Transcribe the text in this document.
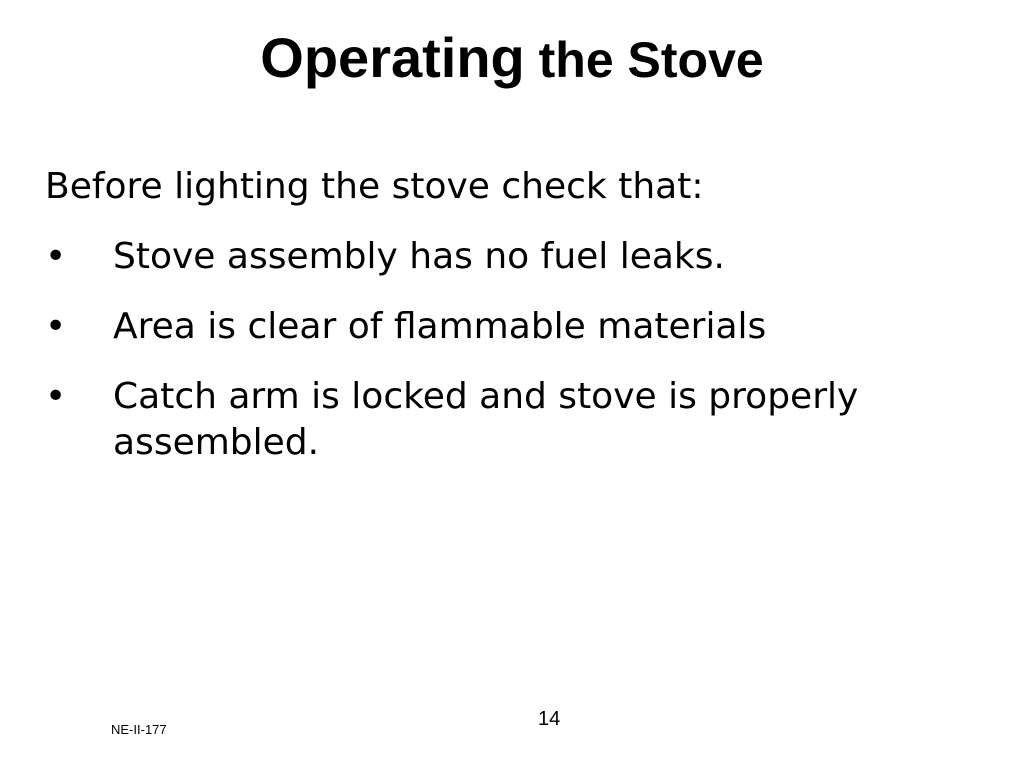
Operating the Stove
Before lighting the stove check that:
•	Stove assembly has no fuel leaks.
•	Area is clear of flammable materials
•	Catch arm is locked and stove is properly assembled.
14
NE-II-177
